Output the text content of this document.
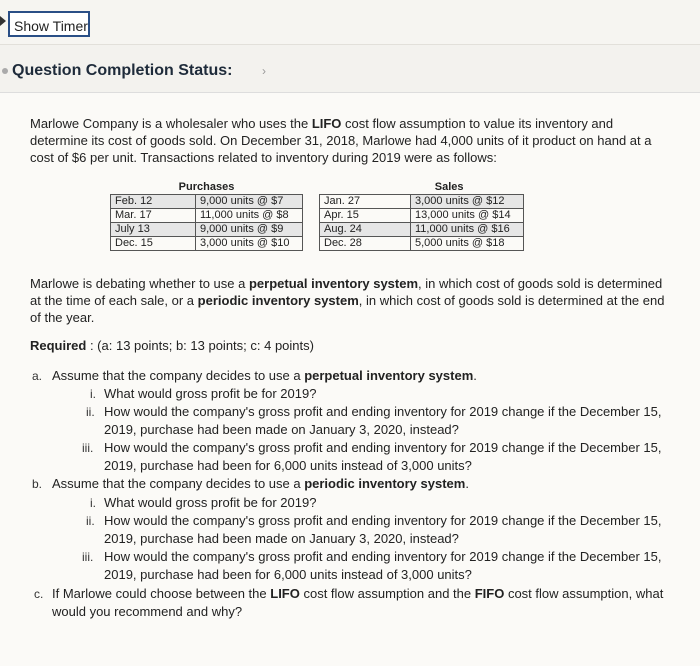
Show Timer
Question Completion Status: ›
Marlowe Company is a wholesaler who uses the LIFO cost flow assumption to value its inventory and
determine its cost of goods sold. On December 31, 2018, Marlowe had 4,000 units of it product on hand at a
cost of $6 per unit. Transactions related to inventory during 2019 were as follows:
Purchases			Sales	
Feb. 12	9,000 units @ $7		Jan. 27	3,000 units @ $12
Mar. 17	11,000 units @ $8		Apr. 15	13,000 units @ $14
July 13	9,000 units @ $9		Aug. 24	11,000 units @ $16
Dec. 15	3,000 units @ $10		Dec. 28	5,000 units @ $18
Marlowe is debating whether to use a perpetual inventory system, in which cost of goods sold is determined
at the time of each sale, or a periodic inventory system, in which cost of goods sold is determined at the end
of the year.
Required : (a: 13 points; b: 13 points; c: 4 points)
a. Assume that the company decides to use a perpetual inventory system.
i. What would gross profit be for 2019?
ii. How would the company's gross profit and ending inventory for 2019 change if the December 15,
2019, purchase had been made on January 3, 2020, instead?
iii. How would the company's gross profit and ending inventory for 2019 change if the December 15,
2019, purchase had been for 6,000 units instead of 3,000 units?
b. Assume that the company decides to use a periodic inventory system.
i. What would gross profit be for 2019?
ii. How would the company's gross profit and ending inventory for 2019 change if the December 15,
2019, purchase had been made on January 3, 2020, instead?
iii. How would the company's gross profit and ending inventory for 2019 change if the December 15,
2019, purchase had been for 6,000 units instead of 3,000 units?
c. If Marlowe could choose between the LIFO cost flow assumption and the FIFO cost flow assumption, what
would you recommend and why?
